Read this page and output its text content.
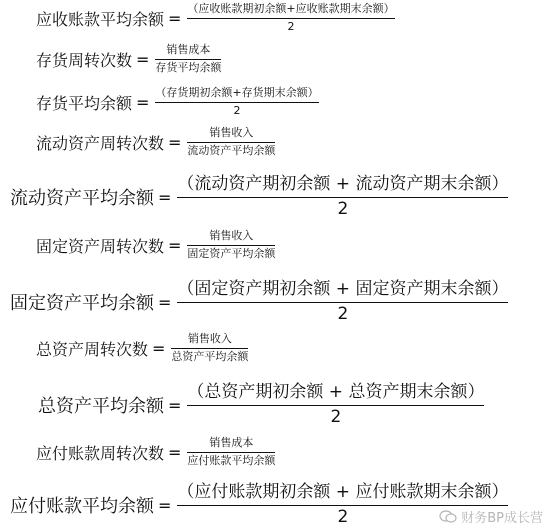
应收账款平均余额 = $\frac{\text{（应收账款期初余额+应收账款期末余额）}}{2}$
存货周转次数 = $\frac{\text{销售成本}}{\text{存货平均余额}}$
存货平均余额 = $\frac{\text{（存货期初余额+存货期末余额）}}{2}$
流动资产周转次数 = $\frac{\text{销售收入}}{\text{流动资产平均余额}}$
流动资产平均余额 = $\frac{\text{（流动资产期初余额 + 流动资产期末余额）}}{2}$
固定资产周转次数 = $\frac{\text{销售收入}}{\text{固定资产平均余额}}$
固定资产平均余额 = $\frac{\text{（固定资产期初余额 + 固定资产期末余额）}}{2}$
总资产周转次数 = $\frac{\text{销售收入}}{\text{总资产平均余额}}$
总资产平均余额 = $\frac{\text{（总资产期初余额 + 总资产期末余额）}}{2}$
应付账款周转次数 = $\frac{\text{销售成本}}{\text{应付账款平均余额}}$
应付账款平均余额 = $\frac{\text{（应付账款期初余额 + 应付账款期末余额）}}{2}$
财务BP成长营
